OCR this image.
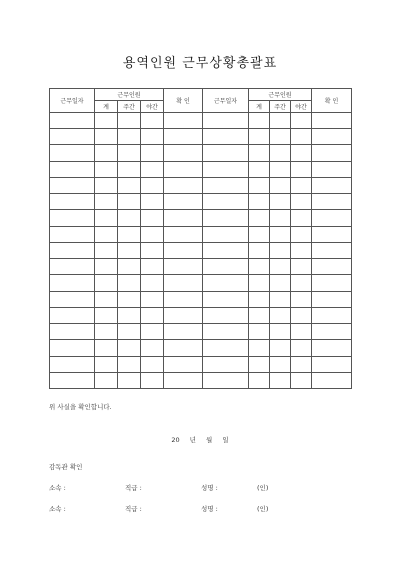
용역인원 근무상황총괄표
근무일자	근무인원			확 인	근무일자	근무인원			확 인
	계	주간	야간			계	주간	야간	

위 사실을 확인합니다.
20 년 월 일
감독관 확인
소속 :	직급 :	성명 :	(인)
소속 :	직급 :	성명 :	(인)
